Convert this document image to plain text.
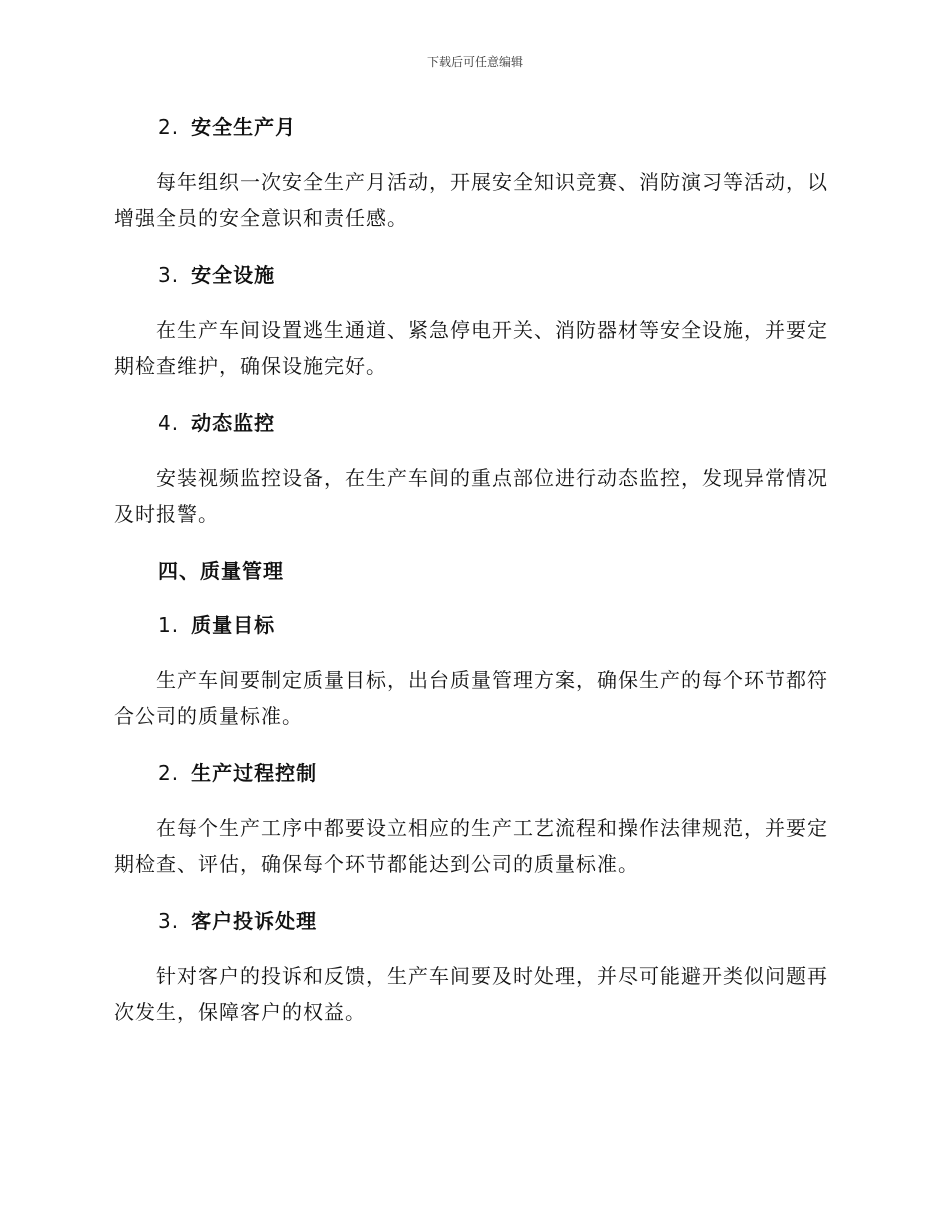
下载后可任意编辑
2. 安全生产月

每年组织一次安全生产月活动，开展安全知识竞赛、消防演习等活动，以增强全员的安全意识和责任感。

3. 安全设施

在生产车间设置逃生通道、紧急停电开关、消防器材等安全设施，并要定期检查维护，确保设施完好。

4. 动态监控

安装视频监控设备，在生产车间的重点部位进行动态监控，发现异常情况及时报警。

四、质量管理
1. 质量目标

生产车间要制定质量目标，出台质量管理方案，确保生产的每个环节都符合公司的质量标准。

2. 生产过程控制

在每个生产工序中都要设立相应的生产工艺流程和操作法律规范，并要定期检查、评估，确保每个环节都能达到公司的质量标准。

3. 客户投诉处理

针对客户的投诉和反馈，生产车间要及时处理，并尽可能避开类似问题再次发生，保障客户的权益。
